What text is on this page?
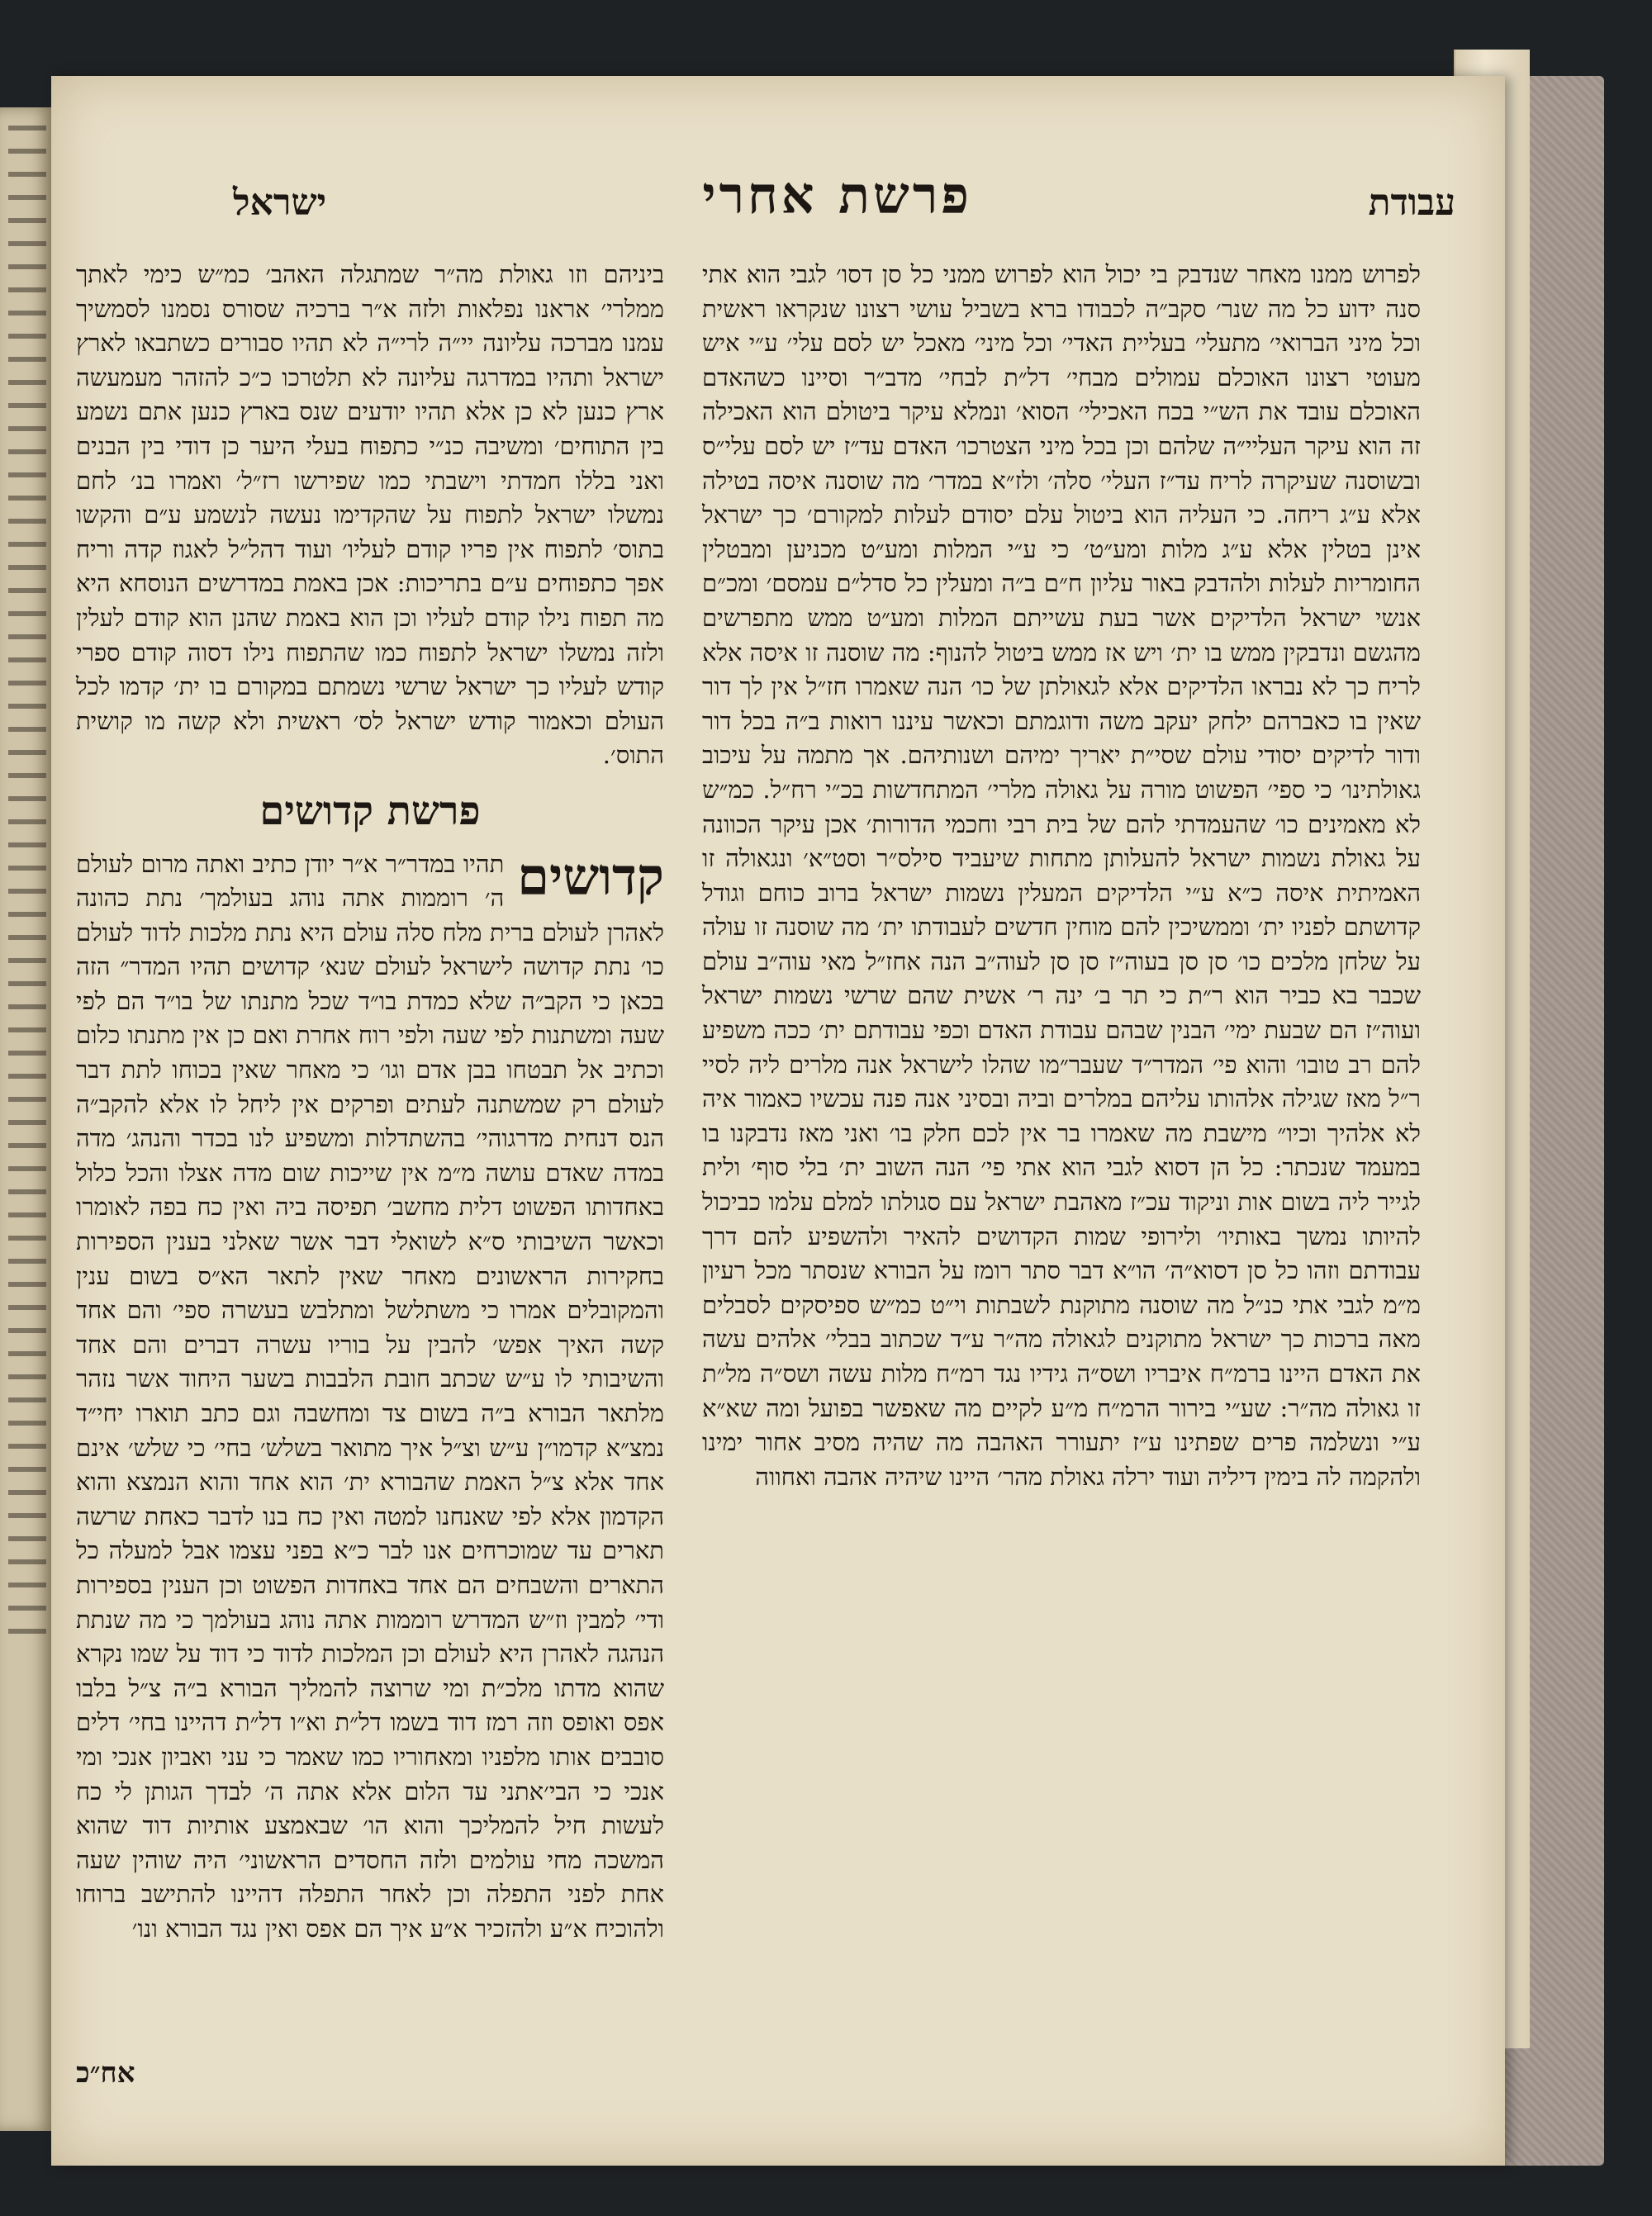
עבודת
פרשת אחרי
ישראל

לפרוש ממנו מאחר שנדבק בי יכול הוא לפרוש ממני כל סן דסו׳ לגבי הוא אתי סנה ידוע כל מה שנר׳ סקב״ה לכבודו ברא בשביל עושי רצונו שנקראו ראשית וכל מיני הברואי׳ מתעלי׳ בעליית האדי׳ וכל מיני׳ מאכל יש לסם עלי׳ ע״י איש מעוטי רצונו האוכלם עמולים מבחי׳ דל״ת לבחי׳ מדב״ר וסיינו כשהאדם האוכלם עובד את הש״י בכח האכילי׳ הסוא׳ ונמלא עיקר ביטולם הוא האכילה זה הוא עיקר העליי״ה שלהם וכן בכל מיני הצטרכו׳ האדם עד״ז יש לסם עלי״ס ובשוסנה שעיקרה לריח עד״ז העלי׳ סלה׳ ולז״א במדר׳ מה שוסנה איסה בטילה אלא ע״ג ריחה. כי העליה הוא ביטול עלם יסודם לעלות למקורם׳ כך ישראל אינן בטלין אלא ע״ג מלות ומע״ט׳ כי ע״י המלות ומע״ט מכניען ומבטלין החומריות לעלות ולהדבק באור עליון ח״ם ב״ה ומעלין כל סדל״ם עמסם׳ ומכ״ם אנשי ישראל הלדיקים אשר בעת עשייתם המלות ומע״ט ממש מתפרשים מהגשם ונדבקין ממש בו ית׳ ויש אז ממש ביטול להנוף: מה שוסנה זו איסה אלא לריח כך לא נבראו הלדיקים אלא לגאולתן של כו׳ הנה שאמרו חז״ל אין לך דור שאין בו כאברהם ילחק יעקב משה ודוגמתם וכאשר עיננו רואות ב״ה בכל דור ודור לדיקים יסודי עולם שסי״ת יאריך ימיהם ושנותיהם. אך מתמה על עיכוב גאולתינו׳ כי ספי׳ הפשוט מורה על גאולה מלרי׳ המתחדשות בכ״י רח״ל. כמ״ש לא מאמינים כו׳ שהעמדתי להם של בית רבי וחכמי הדורות׳ אכן עיקר הכוונה על גאולת נשמות ישראל להעלותן מתחות שיעביד סילס״ר וסט״א׳ ונגאולה זו האמיתית איסה כ״א ע״י הלדיקים המעלין נשמות ישראל ברוב כוחם וגודל קדושתם לפניו ית׳ וממשיכין להם מוחין חדשים לעבודתו ית׳ מה שוסנה זו עולה על שלחן מלכים כו׳ סן סן בעוה״ז סן סן לעוה״ב הנה אחז״ל מאי עוה״ב עולם שכבר בא כביר הוא ר״ת כי תר ב׳ ינה ר׳ אשית שהם שרשי נשמות ישראל ועוה״ז הם שבעת ימי׳ הבנין שבהם עבודת האדם וכפי עבודתם ית׳ ככה משפיע להם רב טובו׳ והוא פי׳ המדר״ד שעבר״מו שהלו לישראל אנה מלרים ליה לסיי ר״ל מאז שגילה אלהותו עליהם במלרים וביה ובסיני אנה פנה עכשיו כאמור איה לא אלהיך וכיו״ מישבת מה שאמרו בר אין לכם חלק בו׳ ואני מאז נדבקנו בו במעמד שנכתר: כל הן דסוא לגבי הוא אתי פי׳ הנה השוב ית׳ בלי סוף׳ ולית לגייר ליה בשום אות וניקוד עכ״ז מאהבת ישראל עם סגולתו למלם עלמו כביכול להיותו נמשך באותיו׳ ולירופי שמות הקדושים להאיר ולהשפיע להם דרך עבודתם וזהו כל סן דסוא״ה׳ הו״א דבר סתר רומז על הבורא שנסתר מכל רעיון מ״מ לגבי אתי כנ״ל מה שוסנה מתוקנת לשבתות וי״ט כמ״ש ספיסקים לסבלים מאה ברכות כך ישראל מתוקנים לגאולה מה״ר ע״ד שכתוב בבלי׳ אלהים עשה את האדם היינו ברמ״ח איבריו ושס״ה גידיו נגד רמ״ח מלות עשה ושס״ה מל״ת זו גאולה מה״ר: שע״י בירור הרמ״ח מ״ע לקיים מה שאפשר בפועל ומה שא״א ע״י ונשלמה פרים שפתינו ע״ז יתעורר האהבה מה שהיה מסיב אחור ימינו ולהקמה לה בימין דיליה ועוד ירלה גאולת מהר׳ היינו שיהיה אהבה ואחווה

ביניהם וזו גאולת מה״ר שמתגלה האהב׳ כמ״ש כימי לאתך ממלרי׳ אראנו נפלאות ולזה א״ר ברכיה שסורס נסמנו לסמשיך עמנו מברכה עליונה יי״ה לרי״ה לא תהיו סבורים כשתבאו לארץ ישראל ותהיו במדרגה עליונה לא תלטרכו כ״כ להזהר מעמעשה ארץ כנען לא כן אלא תהיו יודעים שנס בארץ כנען אתם נשמע בין התוחים׳ ומשיבה כנ״י כתפוח בעלי היער כן דודי בין הבנים ואני בללו חמדתי וישבתי כמו שפירשו רז״ל׳ ואמרו בנ׳ לחם נמשלו ישראל לתפוח על שהקדימו נעשה לנשמע ע״ם והקשו בתוס׳ לתפוח אין פריו קודם לעליו׳ ועוד דהל״ל לאגוז קדה וריח אפך כתפוחים ע״ם בתריכות: אכן באמת במדרשים הנוסחא היא מה תפוח נילו קודם לעליו וכן הוא באמת שהנן הוא קודם לעלין ולזה נמשלו ישראל לתפוח כמו שהתפוח נילו דסוה קודם ספרי קודש לעליו כך ישראל שרשי נשמתם במקורם בו ית׳ קדמו לכל העולם וכאמור קודש ישראל לס׳ ראשית ולא קשה מו קושית התוס׳.

פרשת קדושים
קדושים
תהיו במדר״ר א״ר יודן כתיב ואתה מרום לעולם ה׳ רוממות אתה נוהג בעולמך׳ נתת כהונה לאהרן לעולם ברית מלח סלה עולם היא נתת מלכות לדוד לעולם כו׳ נתת קדושה לישראל לעולם שנא׳ קדושים תהיו המדר״ הזה בכאן כי הקב״ה שלא כמדת בו״ד שכל מתנתו של בו״ד הם לפי שעה ומשתנות לפי שעה ולפי רוח אחרת ואם כן אין מתנתו כלום וכתיב אל תבטחו בבן אדם וגו׳ כי מאחר שאין בכוחו לתת דבר לעולם רק שמשתנה לעתים ופרקים אין ליחל לו אלא להקב״ה הנס דנחית מדרגוהי׳ בהשתדלות ומשפיע לנו בכדר והנהג׳ מדה במדה שאדם עושה מ״מ אין שייכות שום מדה אצלו והכל כלול באחדותו הפשוט דלית מחשב׳ תפיסה ביה ואין כח בפה לאומרו וכאשר השיבותי ס״א לשואלי דבר אשר שאלני בענין הספירות בחקירות הראשונים מאחר שאין לתאר הא״ס בשום ענין והמקובלים אמרו כי משתלשל ומתלבש בעשרה ספי׳ והם אחד קשה האיך אפש׳ להבין על בוריו עשרה דברים והם אחד והשיבותי לו ע״ש שכתב חובת הלבבות בשער היחוד אשר נזהר מלתאר הבורא ב״ה בשום צד ומחשבה וגם כתב תוארו יחי״ד נמצ״א קדמו״ן ע״ש וצ״ל איך מתואר בשלש׳ בחי׳ כי שלש׳ אינם אחד אלא צ״ל האמת שהבורא ית׳ הוא אחד והוא הנמצא והוא הקדמון אלא לפי שאנחנו למטה ואין כח בנו לדבר כאחת שרשה תארים עד שמוכרחים אנו לבר כ״א בפני עצמו אבל למעלה כל התארים והשבחים הם אחד באחדות הפשוט וכן הענין בספירות ודי׳ למבין וז״ש המדרש רוממות אתה נוהג בעולמך כי מה שנתת הנהגה לאהרן היא לעולם וכן המלכות לדוד כי דוד על שמו נקרא שהוא מדתו מלכ״ת ומי שרוצה להמליך הבורא ב״ה צ״ל בלבו אפס ואופס וזה רמז דוד בשמו דל״ת וא״ו דל״ת דהיינו בחי׳ דלים סובבים אותו מלפניו ומאחוריו כמו שאמר כי עני ואביון אנכי ומי אנכי כי הבי׳אתני עד הלום אלא אתה ה׳ לבדך הגותן לי כח לעשות חיל להמליכך והוא הו׳ שבאמצע אותיות דוד שהוא המשכה מחי עולמים ולזה החסדים הראשוני׳ היה שוהין שעה אחת לפני התפלה וכן לאחר התפלה דהיינו להתישב ברוחו ולהוכיח א״ע ולהזכיר א״ע איך הם אפס ואין נגד הבורא ונו׳
אח״כ
